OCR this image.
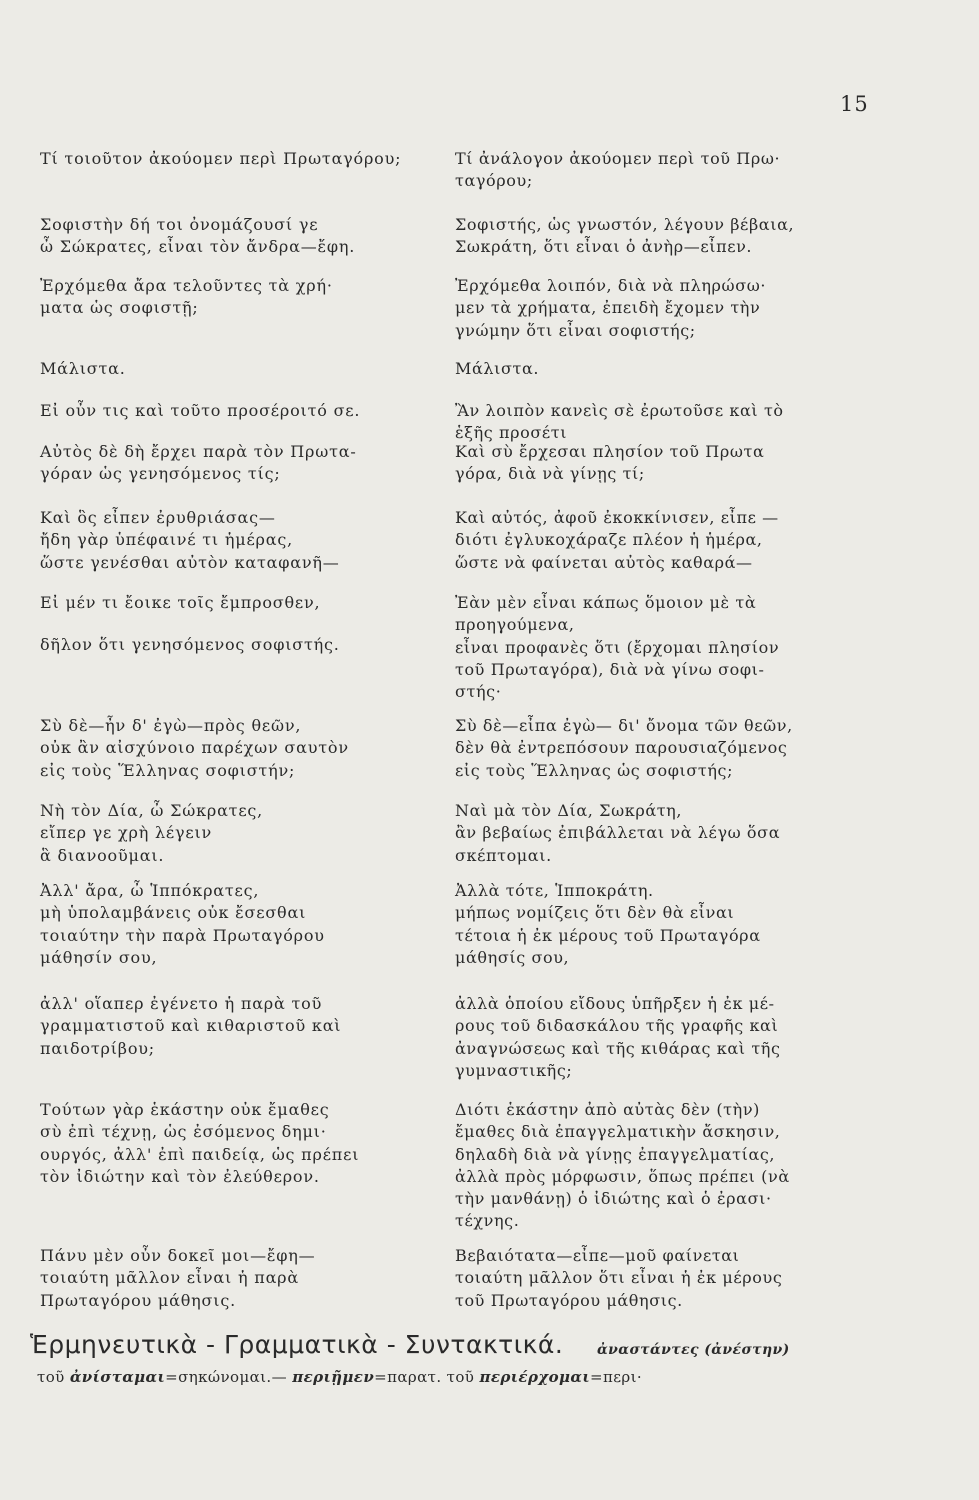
15
Τί τοιοῦτον ἀκούομεν περὶ Πρωταγόρου;
Σοφιστὴν δή τοι ὀνομάζουσί γε
ὦ Σώκρατες, εἶναι τὸν ἄνδρα—ἔφη.
Ἐρχόμεθα ἄρα τελοῦντες τὰ χρή·
ματα ὡς σοφιστῇ;
Μάλιστα.
Εἰ οὖν τις καὶ τοῦτο προσέροιτό σε.
Αὐτὸς δὲ δὴ ἔρχει παρὰ τὸν Πρωτα-
γόραν ὡς γενησόμενος τίς;
Καὶ ὃς εἶπεν ἐρυθριάσας—
ἤδη γὰρ ὑπέφαινέ τι ἡμέρας,
ὥστε γενέσθαι αὐτὸν καταφανῆ—
Εἰ μέν τι ἔοικε τοῖς ἔμπροσθεν,
δῆλον ὅτι γενησόμενος σοφιστής.
Σὺ δὲ—ἦν δ' ἐγὼ—πρὸς θεῶν,
οὐκ ἂν αἰσχύνοιο παρέχων σαυτὸν
εἰς τοὺς Ἕλληνας σοφιστήν;
Νὴ τὸν Δία, ὦ Σώκρατες,
εἴπερ γε χρὴ λέγειν
ἃ διανοοῦμαι.
Ἀλλ' ἄρα, ὦ Ἱππόκρατες,
μὴ ὑπολαμβάνεις οὐκ ἔσεσθαι
τοιαύτην τὴν παρὰ Πρωταγόρου
μάθησίν σου,
ἀλλ' οἵαπερ ἐγένετο ἡ παρὰ τοῦ
γραμματιστοῦ καὶ κιθαριστοῦ καὶ
παιδοτρίβου;
Τούτων γὰρ ἑκάστην οὐκ ἔμαθες
σὺ ἐπὶ τέχνῃ, ὡς ἐσόμενος δημι·
ουργός, ἀλλ' ἐπὶ παιδείᾳ, ὡς πρέπει
τὸν ἰδιώτην καὶ τὸν ἐλεύθερον.
Πάνυ μὲν οὖν δοκεῖ μοι—ἔφη—
τοιαύτη μᾶλλον εἶναι ἡ παρὰ
Πρωταγόρου μάθησις.
Τί ἀνάλογον ἀκούομεν περὶ τοῦ Πρω·
ταγόρου;
Σοφιστής, ὡς γνωστόν, λέγουν βέβαια,
Σωκράτη, ὅτι εἶναι ὁ ἀνὴρ—εἶπεν.
Ἐρχόμεθα λοιπόν, διὰ νὰ πληρώσω·
μεν τὰ χρήματα, ἐπειδὴ ἔχομεν τὴν
γνώμην ὅτι εἶναι σοφιστής;
Μάλιστα.
Ἂν λοιπὸν κανεὶς σὲ ἐρωτοῦσε καὶ τὸ
ἑξῆς προσέτι
Καὶ σὺ ἔρχεσαι πλησίον τοῦ Πρωτα
γόρα, διὰ νὰ γίνῃς τί;
Καὶ αὐτός, ἀφοῦ ἐκοκκίνισεν, εἶπε —
διότι ἐγλυκοχάραζε πλέον ἡ ἡμέρα,
ὥστε νὰ φαίνεται αὐτὸς καθαρά—
Ἐὰν μὲν εἶναι κάπως ὅμοιον μὲ τὰ
προηγούμενα,
εἶναι προφανὲς ὅτι (ἔρχομαι πλησίον
τοῦ Πρωταγόρα), διὰ νὰ γίνω σοφι-
στής·
Σὺ δὲ—εἶπα ἐγὼ— δι' ὄνομα τῶν θεῶν,
δὲν θὰ ἐντρεπόσουν παρουσιαζόμενος
εἰς τοὺς Ἕλληνας ὡς σοφιστής;
Ναὶ μὰ τὸν Δία, Σωκράτη,
ἂν βεβαίως ἐπιβάλλεται νὰ λέγω ὅσα
σκέπτομαι.
Ἀλλὰ τότε, Ἱπποκράτη.
μήπως νομίζεις ὅτι δὲν θὰ εἶναι
τέτοια ἡ ἐκ μέρους τοῦ Πρωταγόρα
μάθησίς σου,
ἀλλὰ ὁποίου εἴδους ὑπῆρξεν ἡ ἐκ μέ-
ρους τοῦ διδασκάλου τῆς γραφῆς καὶ
ἀναγνώσεως καὶ τῆς κιθάρας καὶ τῆς
γυμναστικῆς;
Διότι ἑκάστην ἀπὸ αὐτὰς δὲν (τὴν)
ἔμαθες διὰ ἐπαγγελματικὴν ἄσκησιν,
δηλαδὴ διὰ νὰ γίνῃς ἐπαγγελματίας,
ἀλλὰ πρὸς μόρφωσιν, ὅπως πρέπει (νὰ
τὴν μανθάνῃ) ὁ ἰδιώτης καὶ ὁ ἐρασι·
τέχνης.
Βεβαιότατα—εἶπε—μοῦ φαίνεται
τοιαύτη μᾶλλον ὅτι εἶναι ἡ ἐκ μέρους
τοῦ Πρωταγόρου μάθησις.
Ἑρμηνευτικὰ - Γραμματικὰ - Συντακτικά. ἀναστάντες (ἀνέστην)
τοῦ ἀνίσταμαι=σηκώνομαι.— περιῇμεν=παρατ. τοῦ περιέρχομαι=περι·
